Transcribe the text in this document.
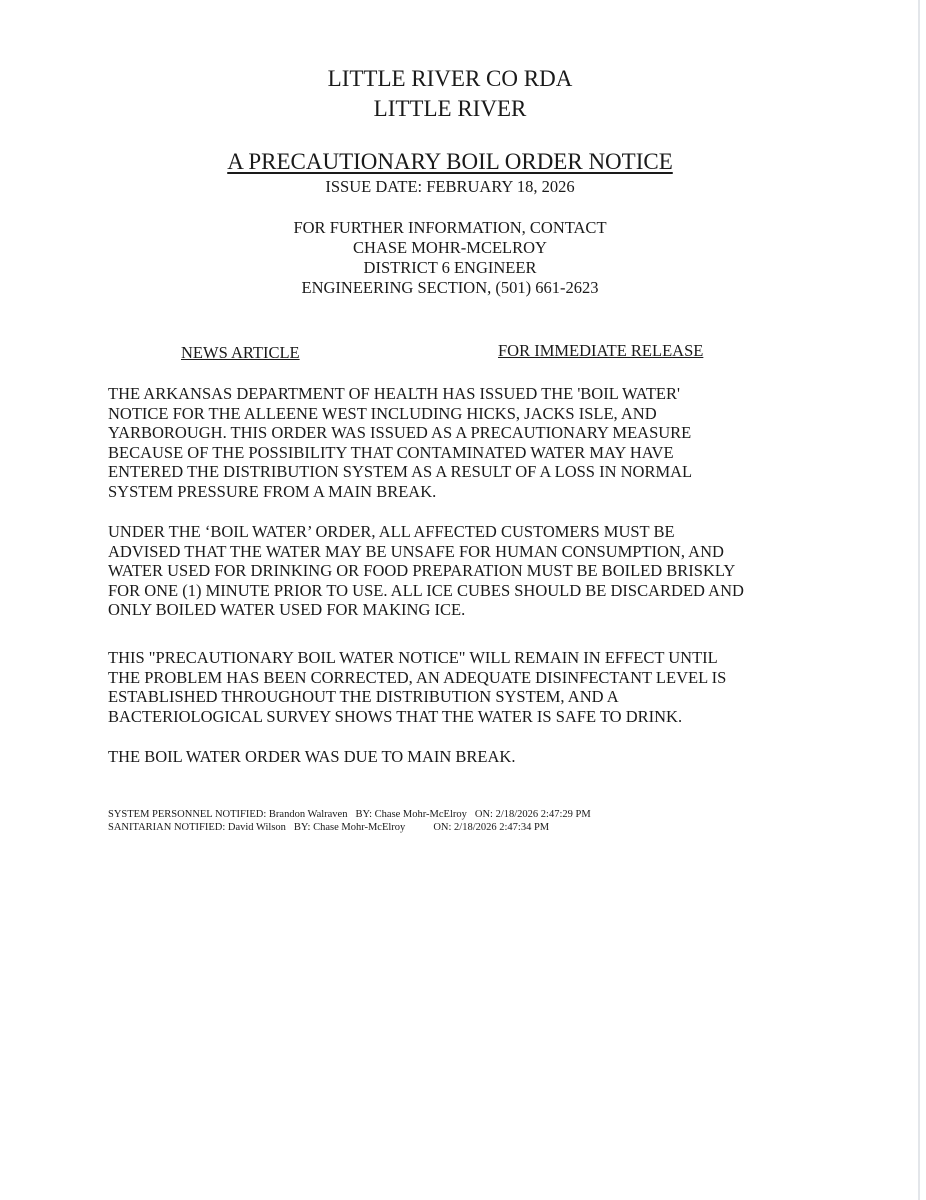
LITTLE RIVER CO RDA
LITTLE RIVER
A PRECAUTIONARY BOIL ORDER NOTICE
ISSUE DATE: FEBRUARY 18, 2026
FOR FURTHER INFORMATION, CONTACT
CHASE MOHR-MCELROY
DISTRICT 6 ENGINEER
ENGINEERING SECTION, (501) 661-2623
NEWS ARTICLE	FOR IMMEDIATE RELEASE
THE ARKANSAS DEPARTMENT OF HEALTH HAS ISSUED THE 'BOIL WATER'
NOTICE FOR THE ALLEENE WEST INCLUDING HICKS, JACKS ISLE, AND
YARBOROUGH. THIS ORDER WAS ISSUED AS A PRECAUTIONARY MEASURE
BECAUSE OF THE POSSIBILITY THAT CONTAMINATED WATER MAY HAVE
ENTERED THE DISTRIBUTION SYSTEM AS A RESULT OF A LOSS IN NORMAL
SYSTEM PRESSURE FROM A MAIN BREAK.
UNDER THE ‘BOIL WATER’ ORDER, ALL AFFECTED CUSTOMERS MUST BE
ADVISED THAT THE WATER MAY BE UNSAFE FOR HUMAN CONSUMPTION, AND
WATER USED FOR DRINKING OR FOOD PREPARATION MUST BE BOILED BRISKLY
FOR ONE (1) MINUTE PRIOR TO USE. ALL ICE CUBES SHOULD BE DISCARDED AND
ONLY BOILED WATER USED FOR MAKING ICE.
THIS "PRECAUTIONARY BOIL WATER NOTICE" WILL REMAIN IN EFFECT UNTIL
THE PROBLEM HAS BEEN CORRECTED, AN ADEQUATE DISINFECTANT LEVEL IS
ESTABLISHED THROUGHOUT THE DISTRIBUTION SYSTEM, AND A
BACTERIOLOGICAL SURVEY SHOWS THAT THE WATER IS SAFE TO DRINK.
THE BOIL WATER ORDER WAS DUE TO MAIN BREAK.
SYSTEM PERSONNEL NOTIFIED: Brandon Walraven BY: Chase Mohr-McElroy ON: 2/18/2026 2:47:29 PM
SANITARIAN NOTIFIED: David Wilson BY: Chase Mohr-McElroy	ON: 2/18/2026 2:47:34 PM
